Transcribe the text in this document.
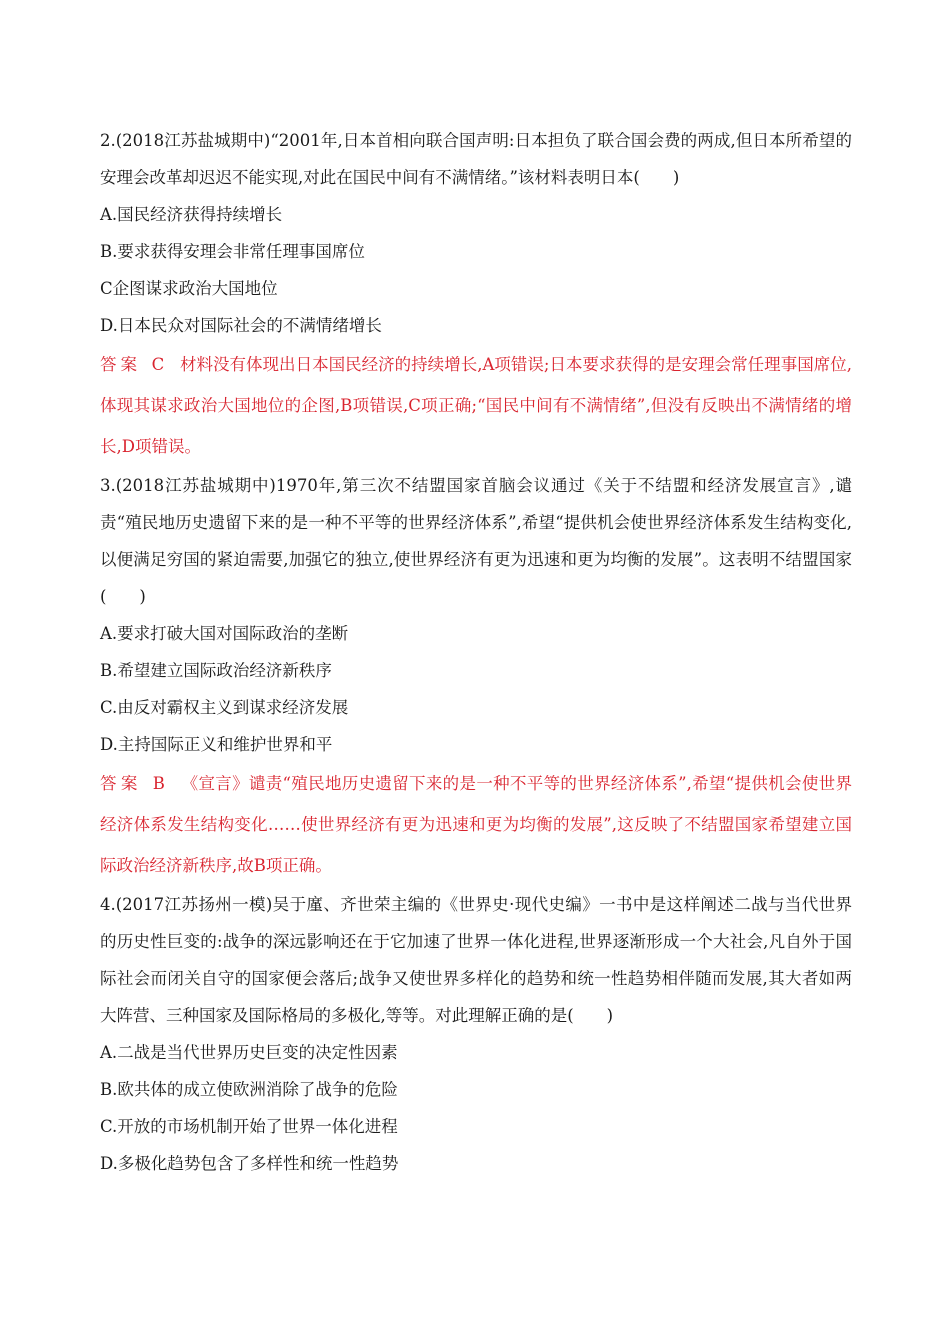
2.(2018江苏盐城期中)“2001年,日本首相向联合国声明:日本担负了联合国会费的两成,但日本所希望的安理会改革却迟迟不能实现,对此在国民中间有不满情绪。”该材料表明日本(　　)

A.国民经济获得持续增长

B.要求获得安理会非常任理事国席位

C企图谋求政治大国地位

D.日本民众对国际社会的不满情绪增长

答案 C 材料没有体现出日本国民经济的持续增长,A项错误;日本要求获得的是安理会常任理事国席位,体现其谋求政治大国地位的企图,B项错误,C项正确;“国民中间有不满情绪”,但没有反映出不满情绪的增长,D项错误。

3.(2018江苏盐城期中)1970年,第三次不结盟国家首脑会议通过《关于不结盟和经济发展宣言》,谴责“殖民地历史遗留下来的是一种不平等的世界经济体系”,希望“提供机会使世界经济体系发生结构变化,以便满足穷国的紧迫需要,加强它的独立,使世界经济有更为迅速和更为均衡的发展”。这表明不结盟国家(　　)

A.要求打破大国对国际政治的垄断

B.希望建立国际政治经济新秩序

C.由反对霸权主义到谋求经济发展

D.主持国际正义和维护世界和平

答案 B 《宣言》谴责“殖民地历史遗留下来的是一种不平等的世界经济体系”,希望“提供机会使世界经济体系发生结构变化……使世界经济有更为迅速和更为均衡的发展”,这反映了不结盟国家希望建立国际政治经济新秩序,故B项正确。

4.(2017江苏扬州一模)吴于廑、齐世荣主编的《世界史·现代史编》一书中是这样阐述二战与当代世界的历史性巨变的:战争的深远影响还在于它加速了世界一体化进程,世界逐渐形成一个大社会,凡自外于国际社会而闭关自守的国家便会落后;战争又使世界多样化的趋势和统一性趋势相伴随而发展,其大者如两大阵营、三种国家及国际格局的多极化,等等。对此理解正确的是(　　)

A.二战是当代世界历史巨变的决定性因素

B.欧共体的成立使欧洲消除了战争的危险

C.开放的市场机制开始了世界一体化进程

D.多极化趋势包含了多样性和统一性趋势
